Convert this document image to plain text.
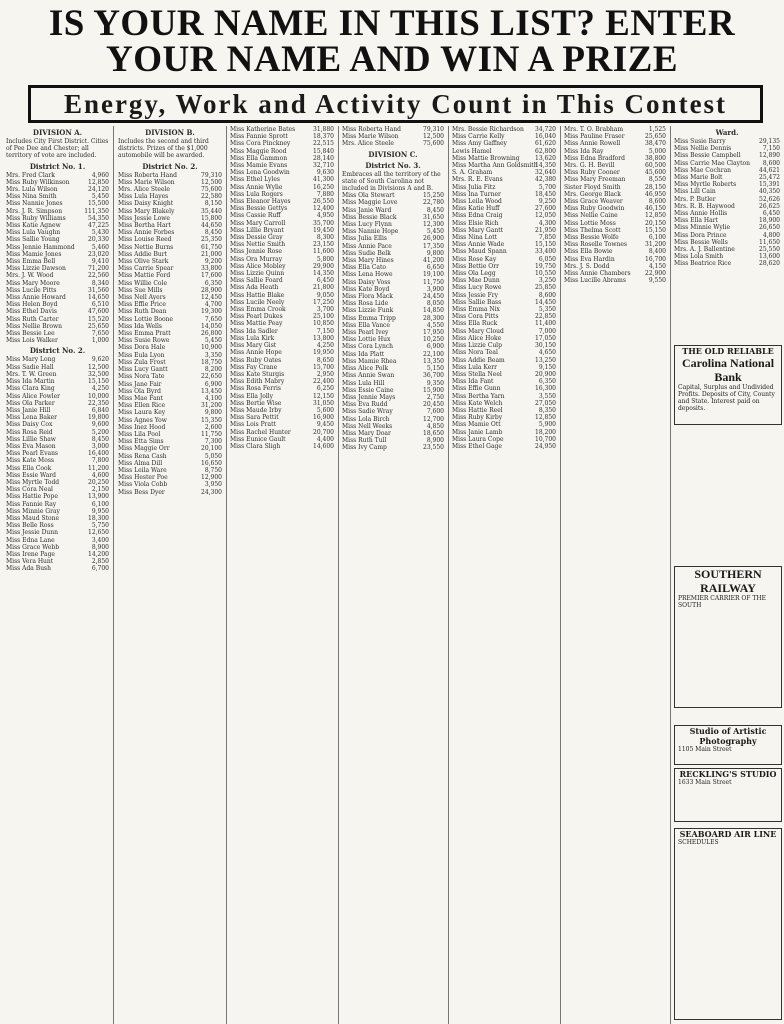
IS YOUR NAME IN THIS LIST? ENTER
YOUR NAME AND WIN A PRIZE
Energy, Work and Activity Count in This Contest
DIVISION A.
Includes City First District. Cities of Pee Dee and Chester; all territory of vote are included.
District No. 1.
4,960
Mrs. Fred Clark
12,850
Miss Ruby Wilkinson
24,120
Mrs. Lula Wilson
5,450
Miss Nina Smith
15,500
Miss Nannie Jones
111,350
Mrs. J. R. Simpson
54,350
Miss Ruby Williams
47,225
Miss Katie Agnew
5,430
Miss Lula Vaughn
20,330
Miss Sallie Young
5,460
Miss Jennie Hammond
23,020
Miss Mamie Jones
9,410
Miss Emma Bell
71,200
Miss Lizzie Dawson
22,560
Mrs. J. W. Wood
8,340
Miss Mary Moore
31,560
Miss Lucile Pitts
14,650
Miss Annie Howard
6,510
Miss Helen Boyd
47,600
Miss Ethel Davis
15,520
Miss Ruth Carter
25,650
Miss Nellie Brown
7,650
Miss Bessie Lee
1,000
Miss Lois Walker
District No. 2.
9,620
Miss Mary Long
12,500
Miss Sadie Hall
32,500
Mrs. T. W. Green
15,150
Miss Ida Martin
4,250
Miss Clara King
10,000
Miss Alice Fowler
22,350
Miss Ola Parker
6,840
Miss Janie Hill
19,800
Miss Lena Baker
9,600
Miss Daisy Cox
5,200
Miss Rosa Reid
8,450
Miss Lillie Shaw
3,000
Miss Eva Mason
16,400
Miss Pearl Evans
7,800
Miss Kate Moss
11,200
Miss Ella Cook
4,600
Miss Essie Ward
20,250
Miss Myrtle Todd
2,150
Miss Cora Neal
13,900
Miss Hattie Pope
6,100
Miss Fannie Ray
9,950
Miss Minnie Gray
18,300
Miss Maud Stone
5,750
Miss Belle Ross
12,650
Miss Jessie Dunn
3,400
Miss Edna Lane
8,900
Miss Grace Webb
14,200
Miss Irene Page
2,850
Miss Vera Hunt
6,700
Miss Ada Bush
DIVISION B.
Includes the second and third districts. Prizes of the $1,000 automobile will be awarded.
District No. 2.
79,310
Miss Roberta Hand
12,500
Miss Marie Wilson
75,600
Mrs. Alice Steele
22,580
Miss Lula Hayes
8,150
Miss Daisy Knight
35,440
Miss Mary Blakely
15,800
Miss Jessie Lowe
44,650
Miss Bertha Hart
8,450
Miss Annie Forbes
25,350
Miss Louise Reed
61,750
Miss Nettie Burns
21,000
Miss Addie Burt
9,200
Miss Olive Stark
33,800
Miss Carrie Spear
17,600
Miss Mattie Ford
6,350
Miss Willie Cole
28,900
Miss Sue Mills
12,450
Miss Nell Ayers
4,700
Miss Effie Price
19,300
Miss Ruth Dean
7,650
Miss Lottie Boone
14,050
Miss Ida Wells
26,800
Miss Emma Pratt
5,450
Miss Susie Rowe
10,900
Miss Dora Hale
3,350
Miss Eula Lyon
18,750
Miss Zula Frost
8,200
Miss Lucy Gantt
22,650
Miss Nora Tate
6,900
Miss Jane Fair
13,450
Miss Ola Byrd
4,100
Miss Mae Fant
31,200
Miss Ellen Rice
9,800
Miss Laura Key
15,350
Miss Agnes Yow
2,600
Miss Inez Hood
11,750
Miss Lila Pool
7,300
Miss Etta Sims
20,100
Miss Maggie Orr
5,050
Miss Rena Cash
16,650
Miss Alma Dill
8,750
Miss Leila Ware
12,900
Miss Hester Poe
3,950
Miss Viola Cobb
24,300
Miss Bess Dyer
31,880
Miss Katherine Bates
18,370
Miss Fannie Sprott
22,515
Miss Cora Pinckney
15,840
Miss Maggie Rood
28,140
Miss Ella Gammon
32,710
Miss Mamie Evans
9,630
Miss Lena Goodwin
41,300
Miss Ethel Lyles
16,250
Miss Annie Wylie
7,880
Miss Lula Rogers
26,550
Miss Eleanor Hayes
12,400
Miss Bessie Gettys
4,950
Miss Cassie Ruff
35,700
Miss Mary Carroll
19,450
Miss Lillie Bryant
8,300
Miss Dessie Gray
23,150
Miss Nettie Smith
11,600
Miss Jennie Rose
5,800
Miss Ora Murray
29,900
Miss Alice Mobley
14,350
Miss Lizzie Quinn
6,450
Miss Sallie Foard
21,800
Miss Ada Heath
9,050
Miss Hattie Blake
17,250
Miss Lucile Neely
3,700
Miss Emma Crook
25,100
Miss Pearl Dukes
10,850
Miss Mattie Peay
7,150
Miss Ida Sadler
13,800
Miss Lula Kirk
4,250
Miss Mary Gist
19,950
Miss Annie Hope
8,650
Miss Ruby Oates
15,700
Miss Fay Crane
2,950
Miss Kate Sturgis
22,400
Miss Edith Mabry
6,250
Miss Rosa Ferris
12,150
Miss Ella Jolly
31,050
Miss Bertie Wise
5,600
Miss Maude Irby
16,900
Miss Sara Pettit
9,450
Miss Lois Pratt
20,700
Miss Rachel Hunter
4,400
Miss Eunice Gault
14,600
Miss Clara Sligh
79,310
Miss Roberta Hand
12,500
Miss Marie Wilson
75,600
Mrs. Alice Steele
DIVISION C.
District No. 3.
Embraces all the territory of the state of South Carolina not included in Divisions A and B.
15,250
Miss Ola Stewart
22,780
Miss Maggie Love
8,450
Miss Janie Ward
31,650
Miss Bessie Black
12,300
Miss Lucy Flynn
5,450
Miss Nannie Hope
26,900
Miss Julia Ellis
17,350
Miss Annie Pace
9,800
Miss Sudie Belk
41,200
Miss Mary Hines
6,650
Miss Ella Cato
19,100
Miss Lena Howe
11,750
Miss Daisy Voss
3,900
Miss Kate Boyd
24,450
Miss Flora Mack
8,050
Miss Rosa Lide
14,850
Miss Lizzie Funk
28,300
Miss Emma Tripp
4,550
Miss Ella Vance
17,950
Miss Pearl Ivey
10,250
Miss Lottie Hux
6,900
Miss Cora Lynch
22,100
Miss Ida Platt
13,350
Miss Mamie Rhea
5,150
Miss Alice Polk
36,700
Miss Annie Swan
9,350
Miss Lula Hill
15,900
Miss Essie Caine
2,750
Miss Jennie Mays
20,450
Miss Eva Rudd
7,600
Miss Sadie Wray
12,700
Miss Lola Birch
4,850
Miss Nell Weeks
18,650
Miss Mary Doar
8,900
Miss Ruth Tull
23,550
Miss Ivy Camp
34,720
Mrs. Bessie Richardson
16,040
Miss Carrie Kelly
61,620
Miss Amy Gaffney
62,800
Lewis Hamel
13,620
Miss Mattie Browning
14,350
Miss Martha Ann Goldsmith
32,640
S. A. Graham
42,380
Mrs. R. E. Evans
5,700
Miss Julia Fitz
18,450
Miss Ina Turner
9,250
Miss Leila Wood
27,600
Miss Katie Huff
12,050
Miss Edna Craig
4,300
Miss Elsie Rich
21,950
Miss Mary Gantt
7,850
Miss Nina Lott
15,150
Miss Annie Wade
33,400
Miss Maud Spann
6,050
Miss Rose Kay
19,750
Miss Bettie Orr
10,550
Miss Ola Legg
3,250
Miss Mae Dunn
25,850
Miss Lucy Rowe
8,600
Miss Jessie Fry
14,450
Miss Sallie Bass
5,350
Miss Emma Nix
22,850
Miss Cora Pitts
11,400
Miss Ella Ruck
7,000
Miss Mary Cloud
17,050
Miss Alice Hoke
30,150
Miss Lizzie Culp
4,650
Miss Nora Teal
13,250
Miss Addie Beam
9,150
Miss Lula Kerr
20,900
Miss Stella Neel
6,350
Miss Ida Fant
16,300
Miss Effie Gunn
3,550
Miss Bertha Yarn
27,050
Miss Kate Welch
8,350
Miss Hattie Reel
12,850
Miss Ruby Kirby
5,900
Miss Mamie Ott
18,200
Miss Janie Lamb
10,700
Miss Laura Cope
24,950
Miss Ethel Gage
1,525
Mrs. T. O. Brabham
25,650
Miss Pauline Fraser
38,470
Miss Annie Rowell
5,000
Miss Ida Ray
38,800
Miss Edna Bradford
60,500
Mrs. G. H. Bevill
45,600
Miss Ruby Cooner
8,550
Miss Mary Freeman
28,150
Sister Floyd Smith
46,950
Mrs. George Black
8,600
Miss Grace Weaver
46,150
Miss Ruby Goodwin
12,850
Miss Nellie Caine
20,150
Miss Lottie Moss
15,150
Miss Thelma Scott
6,100
Miss Bessie Wolfe
31,200
Miss Roselle Townes
8,400
Miss Ella Bowie
16,700
Miss Eva Hardin
4,150
Mrs. J. S. Dodd
22,900
Miss Annie Chambers
9,550
Miss Lucille Abrams
Ward.
29,135
Miss Susie Barry
7,150
Miss Nellie Dennis
12,890
Miss Bessie Campbell
8,600
Miss Carrie Mae Clayton
44,621
Miss Mae Cochran
25,472
Miss Marie Bolt
15,391
Miss Myrtle Roberts
40,350
Miss Lill Cain
52,626
Mrs. P. Butler
26,625
Mrs. R. B. Haywood
6,450
Miss Annie Hollis
18,900
Miss Ella Hart
26,650
Miss Minnie Wylie
4,800
Miss Dora Prince
11,650
Miss Bessie Wells
25,550
Mrs. A. J. Ballentine
13,600
Miss Lola Smith
28,620
Miss Beatrice Rice
THE OLD RELIABLE
Carolina National Bank
Capital, Surplus and Undivided Profits. Deposits of City, County and State. Interest paid on deposits.
SOUTHERN RAILWAY
PREMIER CARRIER OF THE SOUTH
Studio of Artistic Photography
1105 Main Street
RECKLING'S STUDIO
1633 Main Street
SEABOARD AIR LINE
SCHEDULES
